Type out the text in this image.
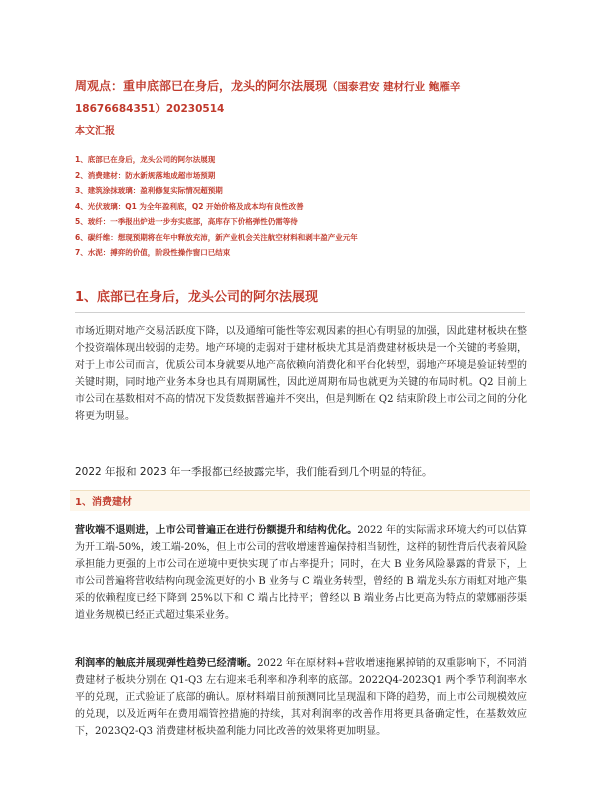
周观点：重申底部已在身后，龙头的阿尔法展现（国泰君安 建材行业 鲍雁辛
18676684351）20230514
本文汇报
1、底部已在身后，龙头公司的阿尔法展现
2、消费建材：防水新规落地成超市场预期
3、建筑涂抹玻璃：盈利修复实际情况超预期
4、光伏玻璃：Q1 为全年盈利底，Q2 开始价格及成本均有良性改善
5、玻纤：一季报出炉进一步夯实底部，高库存下价格弹性仍需等待
6、碳纤维：想现预期将在年中释放充沛，新产业机会关注航空材料和剥丰盈产业元年
7、水泥：搏弈的价值，阶段性操作窗口已结束
1、底部已在身后，龙头公司的阿尔法展现

市场近期对地产交易活跃度下降，以及通缩可能性等宏观因素的担心有明显的加强，因此建材板块在整个投资端体现出较弱的走势。地产环境的走弱对于建材板块尤其是消费建材板块是一个关键的考验期，对于上市公司而言，优质公司本身就要从地产高依赖向消费化和平台化转型，弱地产环境是验证转型的关键时期，同时地产业务本身也具有周期属性，因此逆周期布局也就更为关键的布局时机。Q2 目前上市公司在基数相对不高的情况下发货数据普遍并不突出，但是判断在 Q2 结束阶段上市公司之间的分化将更为明显。

2022 年报和 2023 年一季报都已经披露完毕，我们能看到几个明显的特征。

1、消费建材

营收端不退则进，上市公司普遍正在进行份额提升和结构优化。2022 年的实际需求环境大约可以估算为开工端-50%，竣工端-20%，但上市公司的营收增速普遍保持相当韧性，这样的韧性背后代表着风险承担能力更强的上市公司在逆境中更快实现了市占率提升；同时，在大 B 业务风险暴露的背景下，上市公司普遍将营收结构向现金流更好的小 B 业务与 C 端业务转型，曾经的 B 端龙头东方雨虹对地产集采的依赖程度已经下降到 25%以下和 C 端占比持平；曾经以 B 端业务占比更高为特点的蒙娜丽莎渠道业务规模已经正式超过集采业务。

利润率的触底并展现弹性趋势已经清晰。2022 年在原材料+营收增速拖累掉销的双重影响下，不同消费建材子板块分别在 Q1-Q3 左右迎来毛利率和净利率的底部。2022Q4-2023Q1 两个季节利润率水平的兑现，正式验证了底部的确认。原材料端目前预测同比呈现温和下降的趋势，而上市公司规模效应的兑现，以及近两年在费用端管控措施的持续，其对利润率的改善作用将更具备确定性，在基数效应下，2023Q2-Q3 消费建材板块盈利能力同比改善的效果将更加明显。
